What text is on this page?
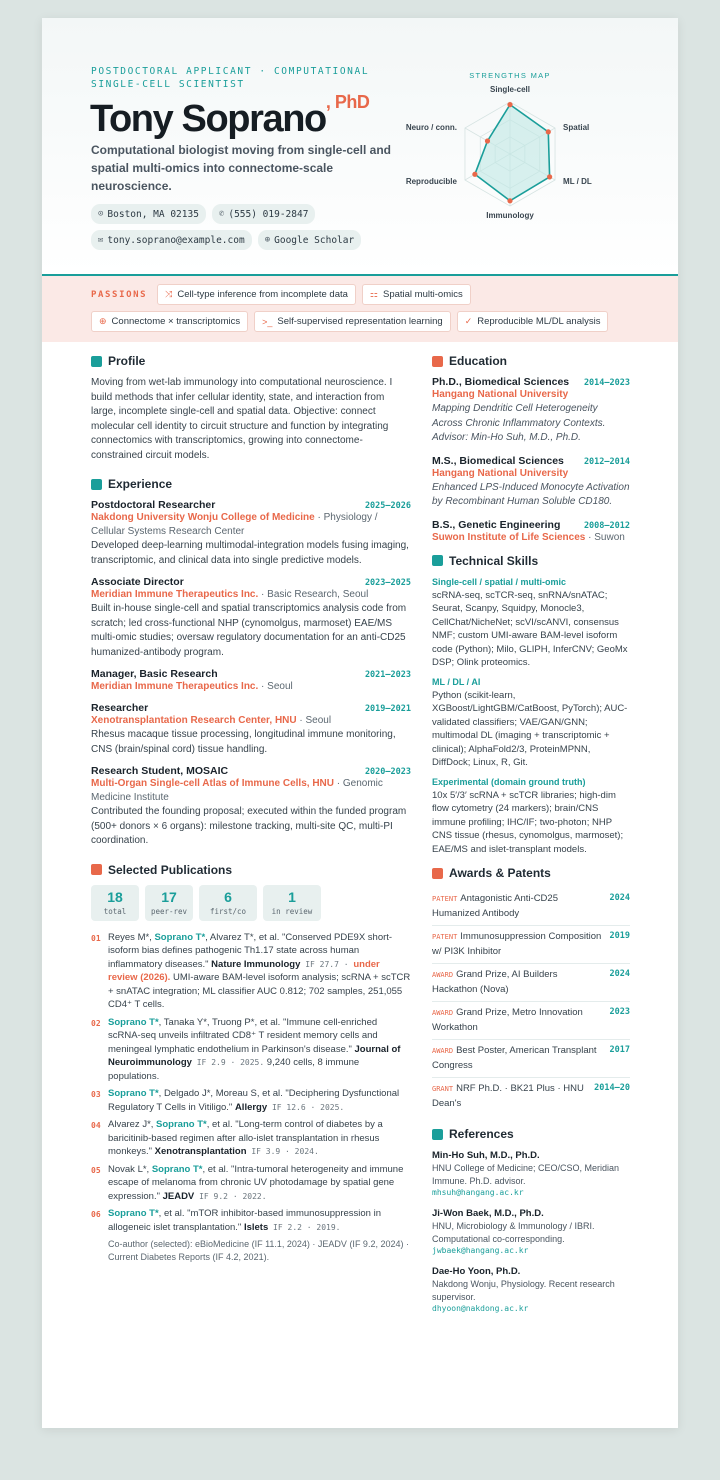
POSTDOCTORAL APPLICANT · COMPUTATIONAL SINGLE-CELL SCIENTIST
Tony Soprano$^{, PhD}$
Computational biologist moving from single-cell and spatial multi-omics into connectome-scale neuroscience.
⊙ Boston, MA 02135 ✆ (555) 019-2847
✉ tony.soprano@example.com ⊕ Google Scholar
STRENGTHS MAP
Single-cell
Spatial
ML / DL
Immunology
Reproducible
Neuro / conn.
PASSIONS ⤨ Cell-type inference from incomplete data ⚏ Spatial multi-omics
⊕ Connectome × transcriptomics >_ Self-supervised representation learning ✓ Reproducible ML/DL analysis
Profile
Moving from wet-lab immunology into computational neuroscience. I build methods that infer cellular identity, state, and interaction from large, incomplete single-cell and spatial data. Objective: connect molecular cell identity to circuit structure and function by integrating connectomics with transcriptomics, growing into connectome-constrained circuit models.
Experience
Postdoctoral Researcher	2025–2026
Nakdong University Wonju College of Medicine · Physiology / Cellular Systems Research Center
Developed deep-learning multimodal-integration models fusing imaging, transcriptomic, and clinical data into single predictive models.
Associate Director	2023–2025
Meridian Immune Therapeutics Inc. · Basic Research, Seoul
Built in-house single-cell and spatial transcriptomics analysis code from scratch; led cross-functional NHP (cynomolgus, marmoset) EAE/MS multi-omic studies; oversaw regulatory documentation for an anti-CD25 humanized-antibody program.
Manager, Basic Research	2021–2023
Meridian Immune Therapeutics Inc. · Seoul
Researcher	2019–2021
Xenotransplantation Research Center, HNU · Seoul
Rhesus macaque tissue processing, longitudinal immune monitoring, CNS (brain/spinal cord) tissue handling.
Research Student, MOSAIC	2020–2023
Multi-Organ Single-cell Atlas of Immune Cells, HNU · Genomic Medicine Institute
Contributed the founding proposal; executed within the funded program (500+ donors × 6 organs): milestone tracking, multi-site QC, multi-PI coordination.
Selected Publications
18
total
17
peer-rev
6
first/co
1
in review
01 Reyes M*, Soprano T*, Alvarez T*, et al. "Conserved PDE9X short-isoform bias defines pathogenic Th1.17 state across human inflammatory diseases." Nature Immunology IF 27.7 · under review (2026). UMI-aware BAM-level isoform analysis; scRNA + scTCR + snATAC integration; ML classifier AUC 0.812; 702 samples, 251,055 CD4⁺ T cells.
02 Soprano T*, Tanaka Y*, Truong P*, et al. "Immune cell-enriched scRNA-seq unveils infiltrated CD8⁺ T resident memory cells and meningeal lymphatic endothelium in Parkinson's disease." Journal of Neuroimmunology IF 2.9 · 2025. 9,240 cells, 8 immune populations.
03 Soprano T*, Delgado J*, Moreau S, et al. "Deciphering Dysfunctional Regulatory T Cells in Vitiligo." Allergy IF 12.6 · 2025.
04 Alvarez J*, Soprano T*, et al. "Long-term control of diabetes by a baricitinib-based regimen after allo-islet transplantation in rhesus monkeys." Xenotransplantation IF 3.9 · 2024.
05 Novak L*, Soprano T*, et al. "Intra-tumoral heterogeneity and immune escape of melanoma from chronic UV photodamage by spatial gene expression." JEADV IF 9.2 · 2022.
06 Soprano T*, et al. "mTOR inhibitor-based immunosuppression in allogeneic islet transplantation." Islets IF 2.2 · 2019.
Co-author (selected): eBioMedicine (IF 11.1, 2024) · JEADV (IF 9.2, 2024) · Current Diabetes Reports (IF 4.2, 2021).
Education
Ph.D., Biomedical Sciences 2014–2023
Hangang National University
Mapping Dendritic Cell Heterogeneity Across Chronic Inflammatory Contexts. Advisor: Min-Ho Suh, M.D., Ph.D.
M.S., Biomedical Sciences 2012–2014
Hangang National University
Enhanced LPS-Induced Monocyte Activation by Recombinant Human Soluble CD180.
B.S., Genetic Engineering	2008–2012
Suwon Institute of Life Sciences · Suwon
Technical Skills
Single-cell / spatial / multi-omic
scRNA-seq, scTCR-seq, snRNA/snATAC; Seurat, Scanpy, Squidpy, Monocle3, CellChat/NicheNet; scVI/scANVI, consensus NMF; custom UMI-aware BAM-level isoform code (Python); Milo, GLIPH, InferCNV; GeoMx DSP; Olink proteomics.
ML / DL / AI
Python (scikit-learn, XGBoost/LightGBM/CatBoost, PyTorch); AUC-validated classifiers; VAE/GAN/GNN; multimodal DL (imaging + transcriptomic + clinical); AlphaFold2/3, ProteinMPNN, DiffDock; Linux, R, Git.
Experimental (domain ground truth)
10x 5′/3′ scRNA + scTCR libraries; high-dim flow cytometry (24 markers); brain/CNS immune profiling; IHC/IF; two-photon; NHP CNS tissue (rhesus, cynomolgus, marmoset); EAE/MS and islet-transplant models.
Awards & Patents
PATENT Antagonistic Anti-CD25 Humanized Antibody
2024
PATENT Immunosuppression Composition w/ PI3K Inhibitor
2019
AWARD Grand Prize, AI Builders Hackathon (Nova)
2024
AWARD Grand Prize, Metro Innovation Workathon
2023
AWARD Best Poster, American Transplant Congress
2017
GRANT NRF Ph.D. · BK21 Plus · HNU Dean's
2014–20
References
Min-Ho Suh, M.D., Ph.D.
HNU College of Medicine; CEO/CSO, Meridian Immune. Ph.D. advisor.
mhsuh@hangang.ac.kr
Ji-Won Baek, M.D., Ph.D.
HNU, Microbiology & Immunology / IBRI. Computational co-corresponding.
jwbaek@hangang.ac.kr
Dae-Ho Yoon, Ph.D.
Nakdong Wonju, Physiology. Recent research supervisor.
dhyoon@nakdong.ac.kr
